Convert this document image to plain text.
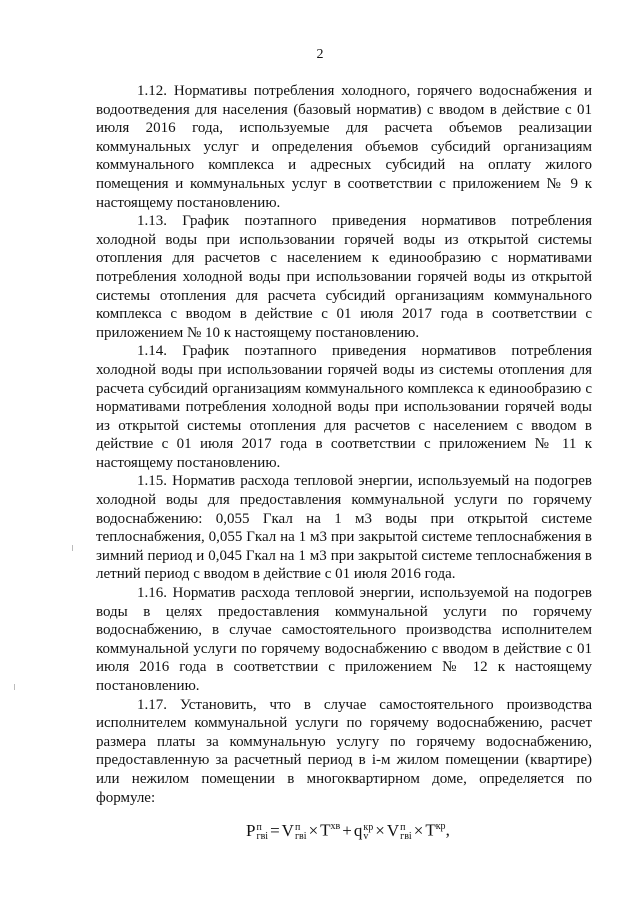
2

1.12. Нормативы потребления холодного, горячего водоснабжения и водоотведения для населения (базовый норматив) с вводом в действие с 01 июля 2016 года, используемые для расчета объемов реализации коммунальных услуг и определения объемов субсидий организациям коммунального комплекса и адресных субсидий на оплату жилого помещения и коммунальных услуг в соответствии с приложением № 9 к настоящему постановлению.

1.13. График поэтапного приведения нормативов потребления холодной воды при использовании горячей воды из открытой системы отопления для расчетов с населением к единообразию с нормативами потребления холодной воды при использовании горячей воды из открытой системы отопления для расчета субсидий организациям коммунального комплекса с вводом в действие с 01 июля 2017 года в соответствии с приложением № 10 к настоящему постановлению.

1.14. График поэтапного приведения нормативов потребления холодной воды при использовании горячей воды из системы отопления для расчета субсидий организациям коммунального комплекса к единообразию с нормативами потребления холодной воды при использовании горячей воды из открытой системы отопления для расчетов с населением с вводом в действие с 01 июля 2017 года в соответствии с приложением № 11 к настоящему постановлению.

1.15. Норматив расхода тепловой энергии, используемый на подогрев холодной воды для предоставления коммунальной услуги по горячему водоснабжению: 0,055 Гкал на 1 м3 воды при открытой системе теплоснабжения, 0,055 Гкал на 1 м3 при закрытой системе теплоснабжения в зимний период и 0,045 Гкал на 1 м3 при закрытой системе теплоснабжения в летний период с вводом в действие с 01 июля 2016 года.

1.16. Норматив расхода тепловой энергии, используемой на подогрев воды в целях предоставления коммунальной услуги по горячему водоснабжению, в случае самостоятельного производства исполнителем коммунальной услуги по горячему водоснабжению с вводом в действие с 01 июля 2016 года в соответствии с приложением № 12 к настоящему постановлению.

1.17. Установить, что в случае самостоятельного производства исполнителем коммунальной услуги по горячему водоснабжению, расчет размера платы за коммунальную услугу по горячему водоснабжению, предоставленную за расчетный период в i-м жилом помещении (квартире) или нежилом помещении в многоквартирном доме, определяется по формуле:

P п
гвi = V п
гвi × $T^{хв} + q$ кр
v × V п
гвi × $T^{кр}$,
